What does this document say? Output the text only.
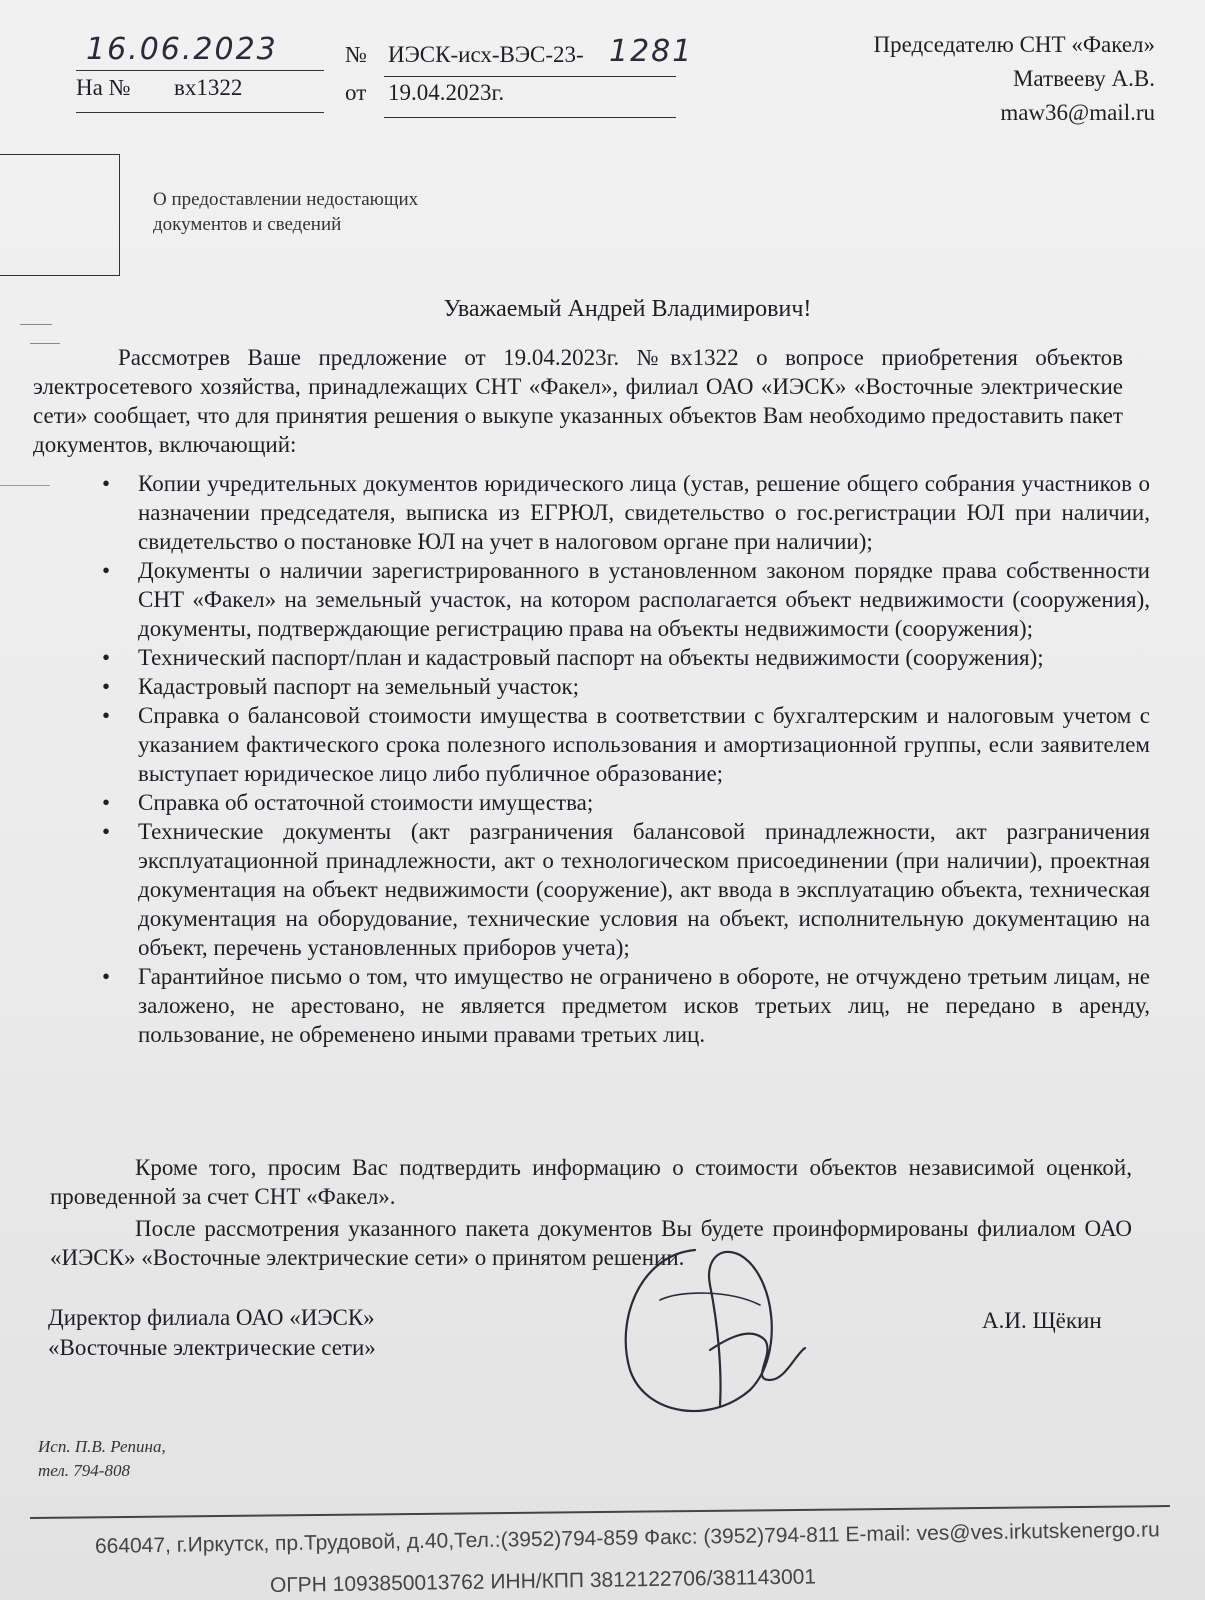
16.06.2023	№ ИЭСК-исх-ВЭС-23- 1281
На № вх1322	от 19.04.2023г.
Председателю СНТ «Факел»
Матвееву А.В.
maw36@mail.ru
О предоставлении недостающих
документов и сведений
Уважаемый Андрей Владимирович!
Рассмотрев Ваше предложение от 19.04.2023г. №вх1322 о вопросе приобретения объектов электросетевого хозяйства, принадлежащих СНТ «Факел», филиал ОАО «ИЭСК» «Восточные электрические сети» сообщает, что для принятия решения о выкупе указанных объектов Вам необходимо предоставить пакет документов, включающий:
• Копии учредительных документов юридического лица (устав, решение общего собрания участников о назначении председателя, выписка из ЕГРЮЛ, свидетельство о гос.регистрации ЮЛ при наличии, свидетельство о постановке ЮЛ на учет в налоговом органе при наличии);
• Документы о наличии зарегистрированного в установленном законом порядке права собственности СНТ «Факел» на земельный участок, на котором располагается объект недвижимости (сооружения), документы, подтверждающие регистрацию права на объекты недвижимости (сооружения);
• Технический паспорт/план и кадастровый паспорт на объекты недвижимости (сооружения);
• Кадастровый паспорт на земельный участок;
• Справка о балансовой стоимости имущества в соответствии с бухгалтерским и налоговым учетом с указанием фактического срока полезного использования и амортизационной группы, если заявителем выступает юридическое лицо либо публичное образование;
• Справка об остаточной стоимости имущества;
• Технические документы (акт разграничения балансовой принадлежности, акт разграничения эксплуатационной принадлежности, акт о технологическом присоединении (при наличии), проектная документация на объект недвижимости (сооружение), акт ввода в эксплуатацию объекта, техническая документация на оборудование, технические условия на объект, исполнительную документацию на объект, перечень установленных приборов учета);
• Гарантийное письмо о том, что имущество не ограничено в обороте, не отчуждено третьим лицам, не заложено, не арестовано, не является предметом исков третьих лиц, не передано в аренду, пользование, не обременено иными правами третьих лиц.
Кроме того, просим Вас подтвердить информацию о стоимости объектов независимой оценкой, проведенной за счет СНТ «Факел».
После рассмотрения указанного пакета документов Вы будете проинформированы филиалом ОАО «ИЭСК» «Восточные электрические сети» о принятом решении.
Директор филиала ОАО «ИЭСК»
«Восточные электрические сети»
А.И. Щёкин
Исп. П.В. Репина,
тел. 794-808
664047, г.Иркутск, пр.Трудовой, д.40,Тел.:(3952)794-859 Факс: (3952)794-811 E-mail: ves@ves.irkutskenergo.ru
ОГРН 1093850013762 ИНН/КПП 3812122706/381143001
